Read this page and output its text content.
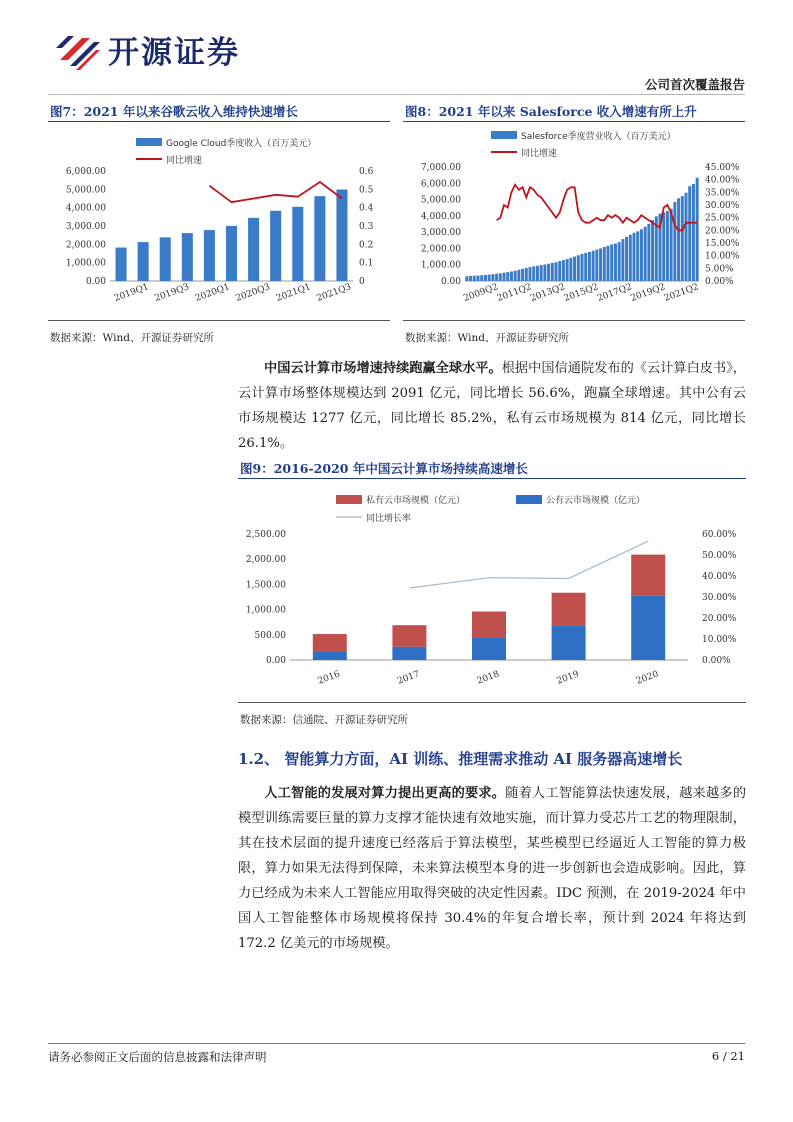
开源证券
公司首次覆盖报告
图7：2021 年以来谷歌云收入维持快速增长	图8：2021 年以来 Salesforce 收入增速有所上升
Google Cloud季度收入（百万美元）
同比增速
0.00
1,000.00
2,000.00
3,000.00
4,000.00
5,000.00
6,000.00
0
0.1
0.2
0.3
0.4
0.5
0.6
2019Q1 2019Q3 2020Q1 2020Q3 2021Q1 2021Q3
数据来源：Wind、开源证券研究所
Salesforce季度营业收入（百万美元）
同比增速
0.00
1,000.00
2,000.00
3,000.00
4,000.00
5,000.00
6,000.00
7,000.00
0.00%
5.00%
10.00%
15.00%
20.00%
25.00%
30.00%
35.00%
40.00%
45.00%
2009Q2
2011Q2
2013Q2
2015Q2
2017Q2
2019Q2
2021Q2
数据来源：Wind、开源证券研究所
中国云计算市场增速持续跑赢全球水平。根据中国信通院发布的《云计算白皮书》，云计算市场整体规模达到 2091 亿元，同比增长 56.6%，跑赢全球增速。其中公有云市场规模达 1277 亿元，同比增长 85.2%，私有云市场规模为 814 亿元，同比增长 26.1%。
图9：2016-2020 年中国云计算市场持续高速增长
私有云市场规模（亿元）	公有云市场规模（亿元）
同比增长率
0.00
500.00
1,000.00
1,500.00
2,000.00
2,500.00
0.00%
10.00%
20.00%
30.00%
40.00%
50.00%
60.00%
2016	2017	2018	2019	2020
数据来源：信通院、开源证券研究所
1.2、 智能算力方面，AI 训练、推理需求推动 AI 服务器高速增长
人工智能的发展对算力提出更高的要求。随着人工智能算法快速发展，越来越多的模型训练需要巨量的算力支撑才能快速有效地实施，而计算力受芯片工艺的物理限制，其在技术层面的提升速度已经落后于算法模型，某些模型已经逼近人工智能的算力极限，算力如果无法得到保障，未来算法模型本身的进一步创新也会造成影响。因此，算力已经成为未来人工智能应用取得突破的决定性因素。IDC 预测，在 2019-2024 年中国人工智能整体市场规模将保持 30.4%的年复合增长率，预计到 2024 年将达到 172.2 亿美元的市场规模。
请务必参阅正文后面的信息披露和法律声明	6 / 21
